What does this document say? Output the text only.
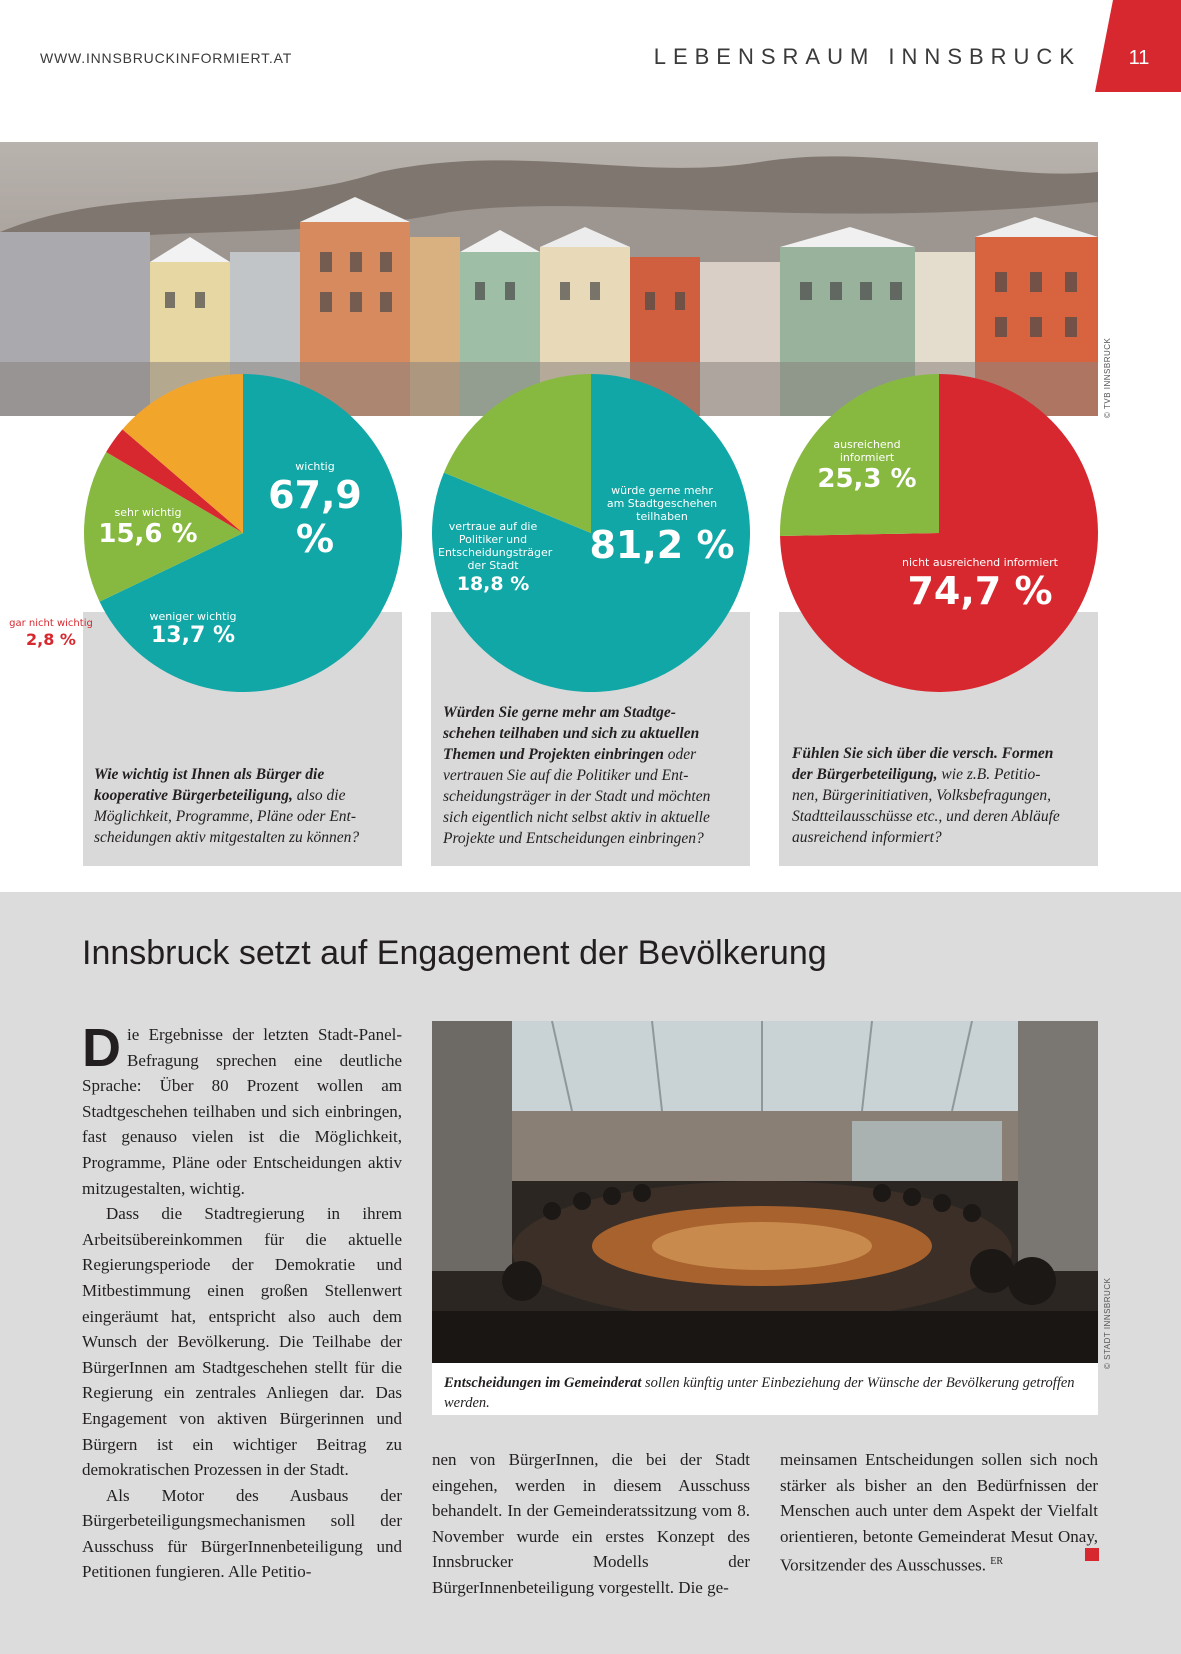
WWW.INNSBRUCKINFORMIERT.AT	LEBENSRAUM INNSBRUCK 11
© TVB INNSBRUCK
wichtig
67,9 %
sehr wichtig
15,6 %
weniger wichtig
13,7 %
gar nicht wichtig
2,8 %
Wie wichtig ist Ihnen als Bürger die
kooperative Bürgerbeteiligung, also die
Möglichkeit, Programme, Pläne oder Ent-
scheidungen aktiv mitgestalten zu können?
würde gerne mehr
am Stadtgeschehen teilhaben
81,2 %
vertraue auf die
Politiker und
Entscheidungsträger
der Stadt
18,8 %
Würden Sie gerne mehr am Stadtge-
schehen teilhaben und sich zu aktuellen
Themen und Projekten einbringen oder
vertrauen Sie auf die Politiker und Ent-
scheidungsträger in der Stadt und möchten
sich eigentlich nicht selbst aktiv in aktuelle
Projekte und Entscheidungen einbringen?
ausreichend
informiert
25,3 %
nicht ausreichend informiert
74,7 %
Fühlen Sie sich über die versch. Formen
der Bürgerbeteiligung, wie z.B. Petitio-
nen, Bürgerinitiativen, Volksbefragungen,
Stadtteilausschüsse etc., und deren Abläufe
ausreichend informiert?
Innsbruck setzt auf Engagement der Bevölkerung

Die Ergebnisse der letzten Stadt-Panel-Befragung sprechen eine deutliche Sprache: Über 80 Prozent wollen am Stadtgeschehen teilhaben und sich einbringen, fast genauso vielen ist die Möglichkeit, Programme, Pläne oder Entscheidungen aktiv mitzugestalten, wichtig.

Dass die Stadtregierung in ihrem Arbeitsübereinkommen für die aktuelle Regierungsperiode der Demokratie und Mitbestimmung einen großen Stellenwert eingeräumt hat, entspricht also auch dem Wunsch der Bevölkerung. Die Teilhabe der BürgerInnen am Stadtgeschehen stellt für die Regierung ein zentrales Anliegen dar. Das Engagement von aktiven Bürgerinnen und Bürgern ist ein wichtiger Beitrag zu demokratischen Prozessen in der Stadt.

Als Motor des Ausbaus der Bürgerbeteiligungsmechanismen soll der Ausschuss für BürgerInnenbeteiligung und Petitionen fungieren. Alle Petitio-

© STADT INNSBRUCK
Entscheidungen im Gemeinderat sollen künftig unter Einbeziehung der Wünsche der Bevölkerung getroffen werden.

nen von BürgerInnen, die bei der Stadt eingehen, werden in diesem Ausschuss behandelt. In der Gemeinderatssitzung vom 8. November wurde ein erstes Konzept des Innsbrucker Modells der BürgerInnenbeteiligung vorgestellt. Die ge-

meinsamen Entscheidungen sollen sich noch stärker als bisher an den Bedürfnissen der Menschen auch unter dem Aspekt der Vielfalt orientieren, betonte Gemeinderat Mesut Onay, Vorsitzender des Ausschusses. $^{ER}$
